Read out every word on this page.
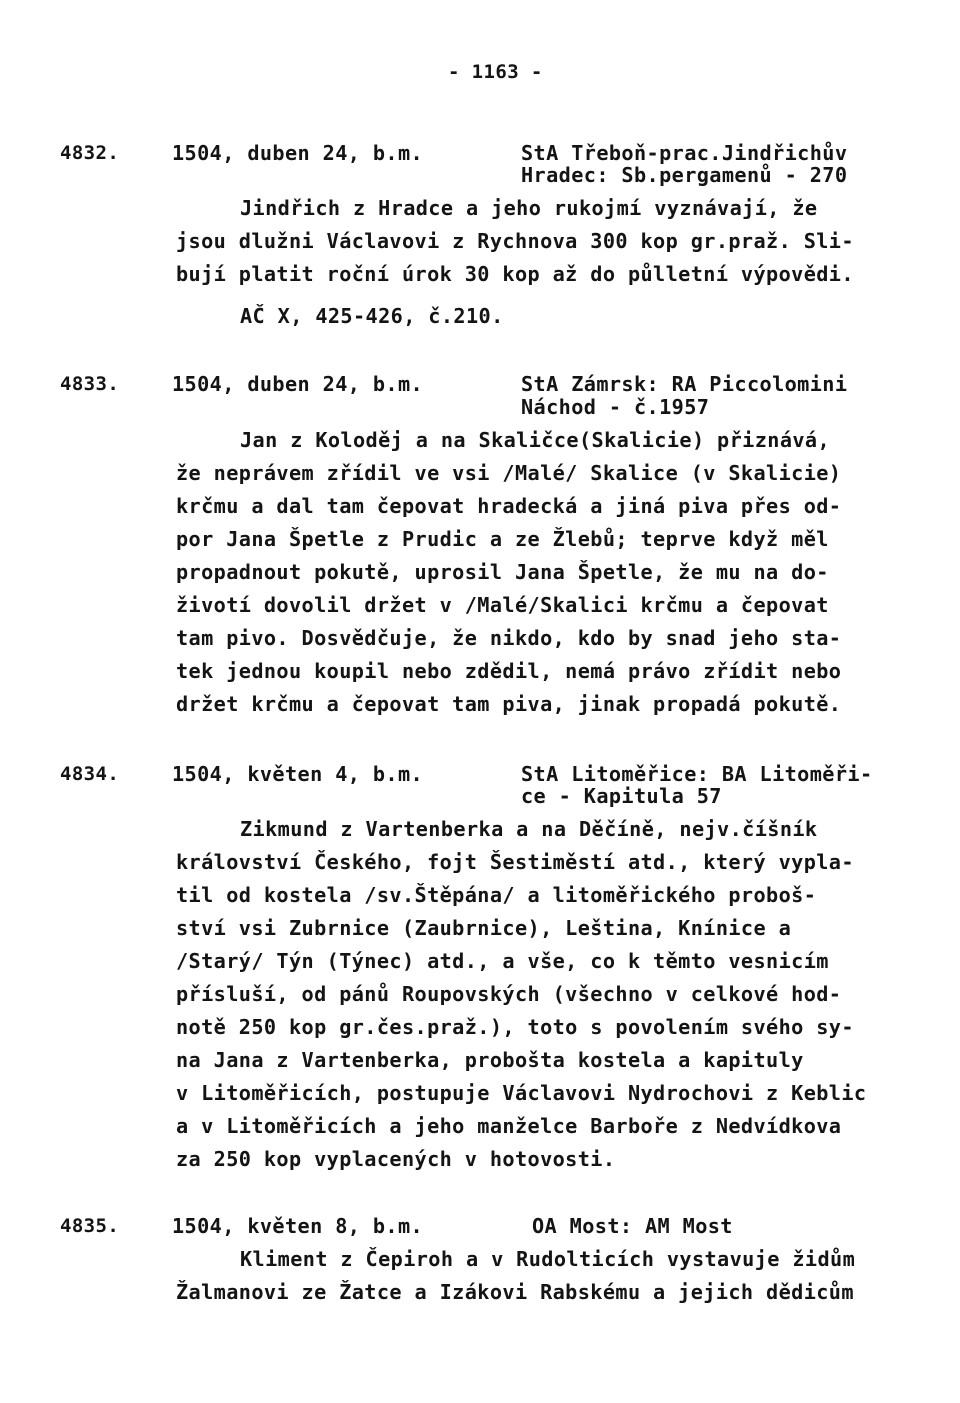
- 1163 -
4832.	1504, duben 24, b.m.	StA Třeboň-prac.Jindřichův
Hradec: Sb.pergamenů - 270
Jindřich z Hradce a jeho rukojmí vyznávají, že
jsou dlužni Václavovi z Rychnova 300 kop gr.praž. Sli-
bují platit roční úrok 30 kop až do půlletní výpovědi.
AČ X, 425-426, č.210.
4833.	1504, duben 24, b.m.	StA Zámrsk: RA Piccolomini
Náchod - č.1957
Jan z Koloděj a na Skaličce(Skalicie) přiznává,
že neprávem zřídil ve vsi /Malé/ Skalice (v Skalicie)
krčmu a dal tam čepovat hradecká a jiná piva přes od-
por Jana Špetle z Prudic a ze Žlebů; teprve když měl
propadnout pokutě, uprosil Jana Špetle, že mu na do-
životí dovolil držet v /Malé/Skalici krčmu a čepovat
tam pivo. Dosvědčuje, že nikdo, kdo by snad jeho sta-
tek jednou koupil nebo zdědil, nemá právo zřídit nebo
držet krčmu a čepovat tam piva, jinak propadá pokutě.
4834.	1504, květen 4, b.m.	StA Litoměřice: BA Litoměři-
ce - Kapitula 57
Zikmund z Vartenberka a na Děčíně, nejv.číšník
království Českého, fojt Šestiměstí atd., který vypla-
til od kostela /sv.Štěpána/ a litoměřického proboš-
ství vsi Zubrnice (Zaubrnice), Leština, Knínice a
/Starý/ Týn (Týnec) atd., a vše, co k těmto vesnicím
přísluší, od pánů Roupovských (všechno v celkové hod-
notě 250 kop gr.čes.praž.), toto s povolením svého sy-
na Jana z Vartenberka, proboštа kostela a kapituly
v Litoměřicích, postupuje Václavovi Nydrochovi z Keblic
a v Litoměřicích a jeho manželce Barboře z Nedvídkova
za 250 kop vyplacených v hotovosti.
4835.	1504, květen 8, b.m.	OA Most: AM Most
Kliment z Čepiroh a v Rudolticích vystavuje židům
Žalmanovi ze Žatce a Izákovi Rabskému a jejich dědicům
